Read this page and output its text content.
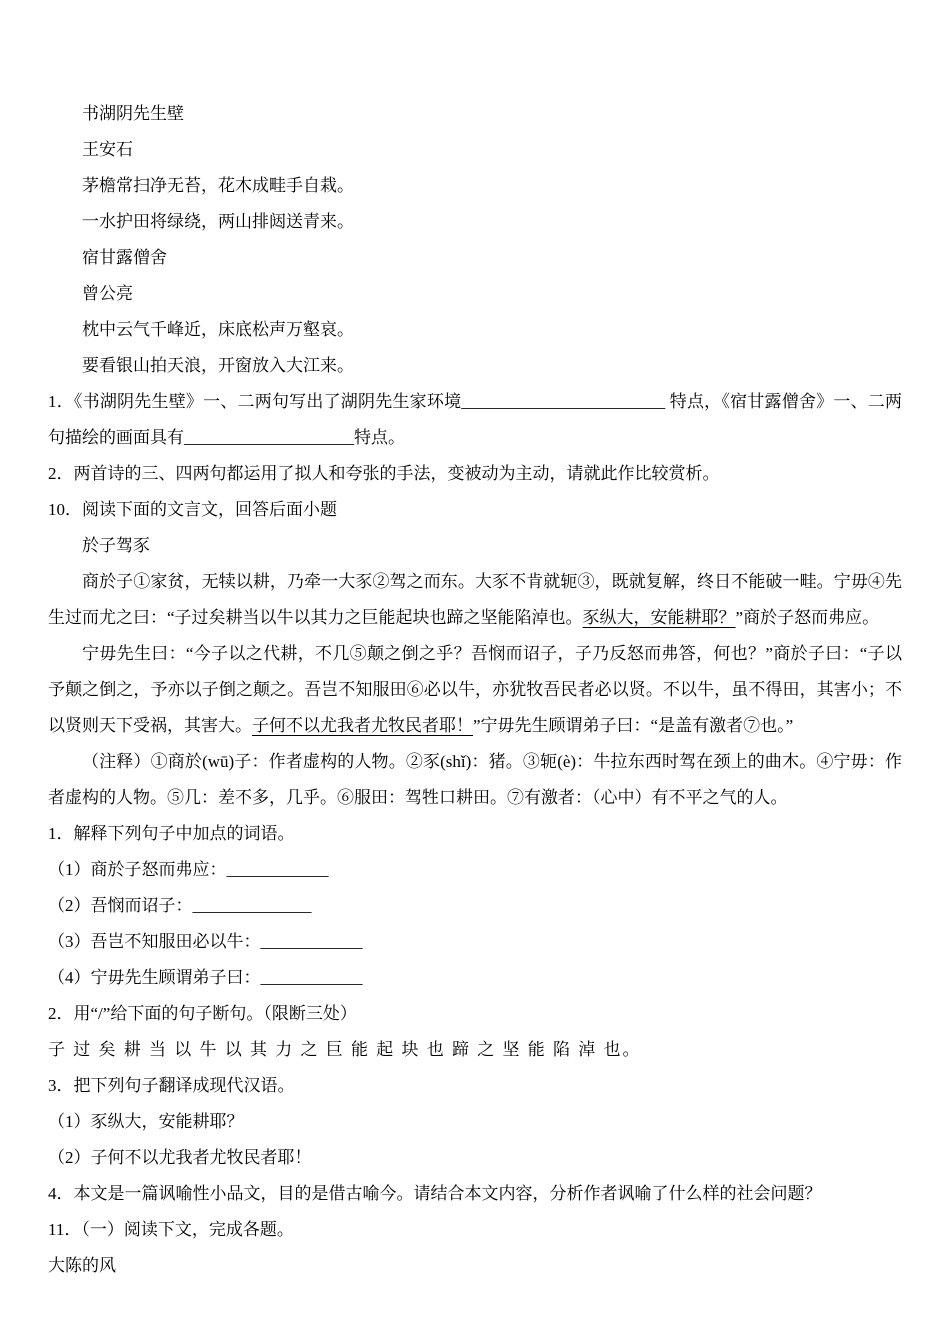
书湖阴先生壁

王安石

茅檐常扫净无苔，花木成畦手自栽。

一水护田将绿绕，两山排闼送青来。

宿甘露僧舍

曾公亮

枕中云气千峰近，床底松声万壑哀。

要看银山拍天浪，开窗放入大江来。

1．《书湖阴先生壁》一、二两句写出了湖阴先生家环境________________________ 特点，《宿甘露僧舍》一、二两句描绘的画面具有____________________特点。

2．两首诗的三、四两句都运用了拟人和夸张的手法，变被动为主动，请就此作比较赏析。

10．阅读下面的文言文，回答后面小题

於子驾豕

商於子①家贫，无犊以耕，乃牵一大豕②驾之而东。大豕不肯就轭③，既就复解，终日不能破一畦。宁毋④先生过而尤之曰：“子过矣耕当以牛以其力之巨能起块也蹄之坚能陷淖也。豕纵大，安能耕耶？”商於子怒而弗应。

宁毋先生曰：“今子以之代耕，不几⑤颠之倒之乎？吾悯而诏子，子乃反怒而弗答，何也？”商於子曰：“子以予颠之倒之，予亦以子倒之颠之。吾岂不知服田⑥必以牛，亦犹牧吾民者必以贤。不以牛，虽不得田，其害小；不以贤则天下受祸，其害大。子何不以尤我者尤牧民者耶！”宁毋先生顾谓弟子曰：“是盖有激者⑦也。”

（注释）①商於(wū)子：作者虚构的人物。②豕(shǐ)：猪。③轭(è)：牛拉东西时驾在颈上的曲木。④宁毋：作者虚构的人物。⑤几：差不多，几乎。⑥服田：驾牲口耕田。⑦有激者：（心中）有不平之气的人。

1．解释下列句子中加点的词语。

（1）商於子怒而弗应：____________

（2）吾悯而诏子：______________

（3）吾岂不知服田必以牛：____________

（4）宁毋先生顾谓弟子曰：____________

2．用“/”给下面的句子断句。（限断三处）

子 过 矣 耕 当 以 牛 以 其 力 之 巨 能 起 块 也 蹄 之 坚 能 陷 淖 也。

3．把下列句子翻译成现代汉语。

（1）豕纵大，安能耕耶？

（2）子何不以尤我者尤牧民者耶！

4．本文是一篇讽喻性小品文，目的是借古喻今。请结合本文内容，分析作者讽喻了什么样的社会问题？

11．（一）阅读下文，完成各题。

大陈的风
